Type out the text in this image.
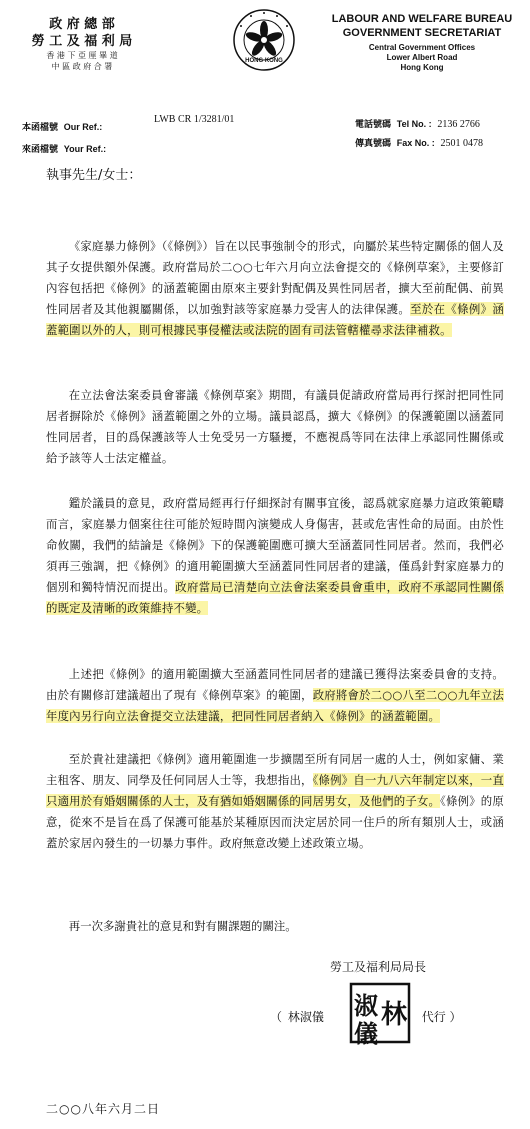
政 府 總 部
勞 工 及 福 利 局
香 港 下 亞 厘 畢 道
中 區 政 府 合 署
HONG KONG
LABOUR AND WELFARE BUREAU
GOVERNMENT SECRETARIAT
Central Government Offices
Lower Albert Road
Hong Kong
本函檔號 Our Ref.:
LWB CR 1/3281/01
來函檔號 Your Ref.:
電話號碼 Tel No. : 2136 2766
傳真號碼 Fax No. : 2501 0478
執事先生/女士：
《家庭暴力條例》（《條例》）旨在以民事強制令的形式，向屬於某些特定關係的個人及其子女提供額外保護。政府當局於二○○七年六月向立法會提交的《條例草案》，主要修訂內容包括把《條例》的涵蓋範圍由原來主要針對配偶及異性同居者，擴大至前配偶、前異性同居者及其他親屬關係，以加強對該等家庭暴力受害人的法律保護。至於在《條例》涵蓋範圍以外的人，則可根據民事侵權法或法院的固有司法管轄權尋求法律補救。
在立法會法案委員會審議《條例草案》期間，有議員促請政府當局再行探討把同性同居者摒除於《條例》涵蓋範圍之外的立場。議員認爲，擴大《條例》的保護範圍以涵蓋同性同居者，目的爲保護該等人士免受另一方騷擾，不應視爲等同在法律上承認同性關係或給予該等人士法定權益。
鑑於議員的意見，政府當局經再行仔細探討有關事宜後，認爲就家庭暴力這政策範疇而言，家庭暴力個案往往可能於短時間內演變成人身傷害，甚或危害性命的局面。由於性命攸關，我們的結論是《條例》下的保護範圍應可擴大至涵蓋同性同居者。然而，我們必須再三強調，把《條例》的適用範圍擴大至涵蓋同性同居者的建議，僅爲針對家庭暴力的個別和獨特情況而提出。政府當局已清楚向立法會法案委員會重申，政府不承認同性關係的既定及清晰的政策維持不變。
上述把《條例》的適用範圍擴大至涵蓋同性同居者的建議已獲得法案委員會的支持。由於有關修訂建議超出了現有《條例草案》的範圍，政府將會於二○○八至二○○九年立法年度內另行向立法會提交立法建議，把同性同居者納入《條例》的涵蓋範圍。
至於貴社建議把《條例》適用範圍進一步擴闊至所有同居一處的人士，例如家傭、業主租客、朋友、同學及任何同居人士等，我想指出，《條例》自一九八六年制定以來，一直只適用於有婚姻關係的人士，及有猶如婚姻關係的同居男女，及他們的子女。《條例》的原意，從來不是旨在爲了保護可能基於某種原因而決定居於同一住戶的所有類別人士，或涵蓋於家居內發生的一切暴力事件。政府無意改變上述政策立場。
再一次多謝貴社的意見和對有關課題的關注。
勞工及福利局局長
淑 林
儀
（ 林淑儀	代行 ）
二○○八年六月二日
